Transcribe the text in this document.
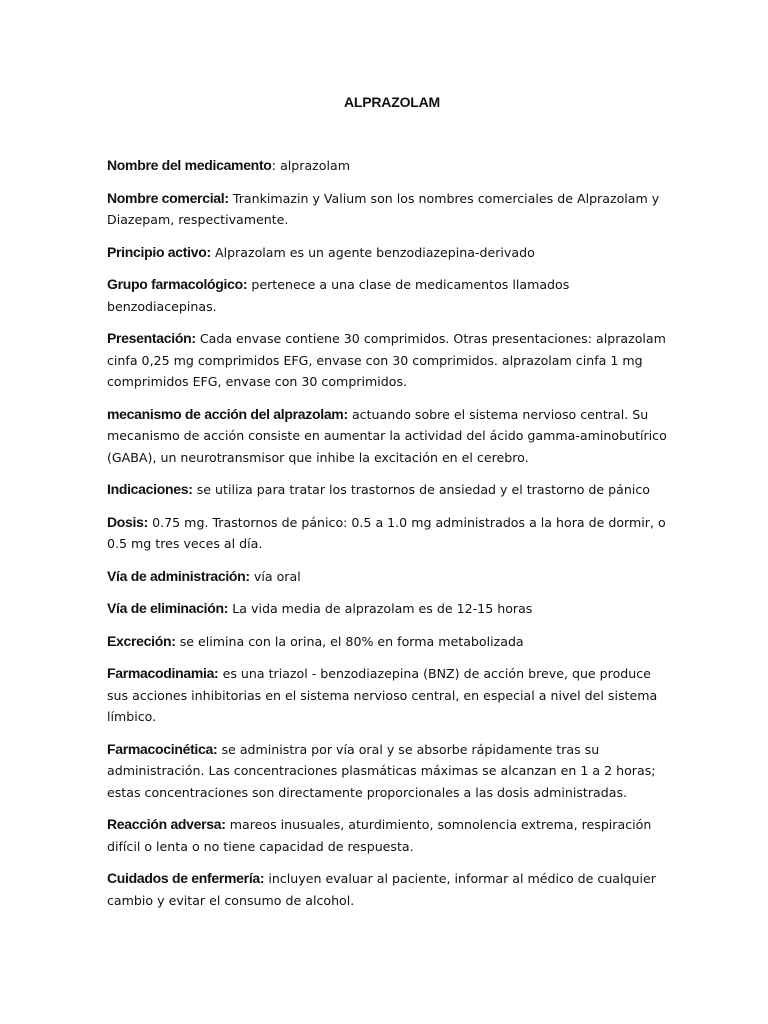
ALPRAZOLAM

Nombre del medicamento: alprazolam

Nombre comercial: Trankimazin y Valium son los nombres comerciales de Alprazolam y Diazepam, respectivamente.

Principio activo: Alprazolam es un agente benzodiazepina-derivado

Grupo farmacológico: pertenece a una clase de medicamentos llamados benzodiacepinas.

Presentación: Cada envase contiene 30 comprimidos. Otras presentaciones: alprazolam cinfa 0,25 mg comprimidos EFG, envase con 30 comprimidos. alprazolam cinfa 1 mg comprimidos EFG, envase con 30 comprimidos.

mecanismo de acción del alprazolam: actuando sobre el sistema nervioso central. Su mecanismo de acción consiste en aumentar la actividad del ácido gamma-aminobutírico (GABA), un neurotransmisor que inhibe la excitación en el cerebro.

Indicaciones: se utiliza para tratar los trastornos de ansiedad y el trastorno de pánico

Dosis: 0.75 mg. Trastornos de pánico: 0.5 a 1.0 mg administrados a la hora de dormir, o 0.5 mg tres veces al día.

Vía de administración: vía oral

Vía de eliminación: La vida media de alprazolam es de 12-15 horas

Excreción: se elimina con la orina, el 80% en forma metabolizada

Farmacodinamia: es una triazol - benzodiazepina (BNZ) de acción breve, que produce sus acciones inhibitorias en el sistema nervioso central, en especial a nivel del sistema límbico.

Farmacocinética: se administra por vía oral y se absorbe rápidamente tras su administración. Las concentraciones plasmáticas máximas se alcanzan en 1 a 2 horas; estas concentraciones son directamente proporcionales a las dosis administradas.

Reacción adversa: mareos inusuales, aturdimiento, somnolencia extrema, respiración difícil o lenta o no tiene capacidad de respuesta.

Cuidados de enfermería: incluyen evaluar al paciente, informar al médico de cualquier cambio y evitar el consumo de alcohol.
